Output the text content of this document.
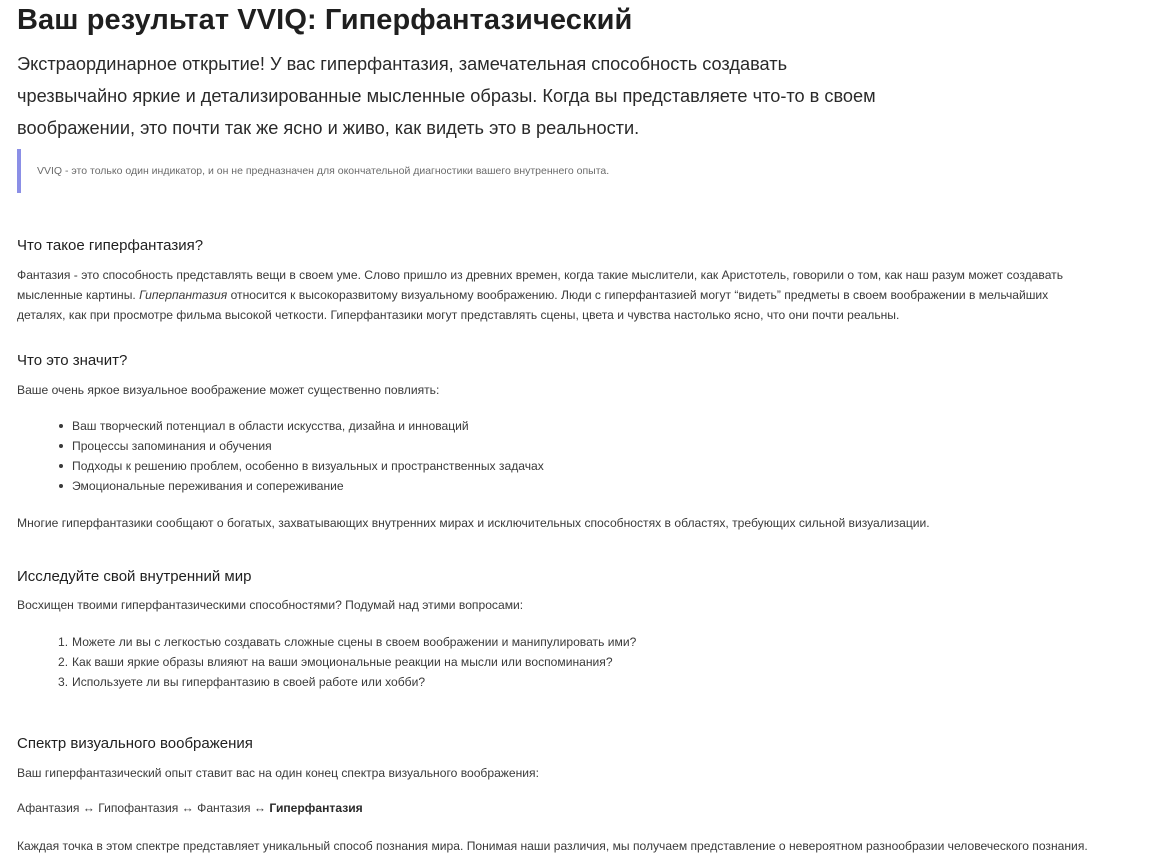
Ваш результат VVIQ: Гиперфантазический
Экстраординарное открытие! У вас гиперфантазия, замечательная способность создавать
чрезвычайно яркие и детализированные мысленные образы. Когда вы представляете что-то в своем
воображении, это почти так же ясно и живо, как видеть это в реальности.
VVIQ - это только один индикатор, и он не предназначен для окончательной диагностики вашего внутреннего опыта.
Что такое гиперфантазия?
Фантазия - это способность представлять вещи в своем уме. Слово пришло из древних времен, когда такие мыслители, как Аристотель, говорили о том, как наш разум может создавать
мысленные картины. Гиперпантазия относится к высокоразвитому визуальному воображению. Люди с гиперфантазией могут “видеть” предметы в своем воображении в мельчайших
деталях, как при просмотре фильма высокой четкости. Гиперфантазики могут представлять сцены, цвета и чувства настолько ясно, что они почти реальны.
Что это значит?
Ваше очень яркое визуальное воображение может существенно повлиять:
Ваш творческий потенциал в области искусства, дизайна и инноваций
Процессы запоминания и обучения
Подходы к решению проблем, особенно в визуальных и пространственных задачах
Эмоциональные переживания и сопереживание
Многие гиперфантазики сообщают о богатых, захватывающих внутренних мирах и исключительных способностях в областях, требующих сильной визуализации.
Исследуйте свой внутренний мир
Восхищен твоими гиперфантазическими способностями? Подумай над этими вопросами:
1. Можете ли вы с легкостью создавать сложные сцены в своем воображении и манипулировать ими?
2. Как ваши яркие образы влияют на ваши эмоциональные реакции на мысли или воспоминания?
3. Используете ли вы гиперфантазию в своей работе или хобби?
Спектр визуального воображения
Ваш гиперфантазический опыт ставит вас на один конец спектра визуального воображения:
Афантазия ↔ Гипофантазия ↔ Фантазия ↔ Гиперфантазия
Каждая точка в этом спектре представляет уникальный способ познания мира. Понимая наши различия, мы получаем представление о невероятном разнообразии человеческого познания.
